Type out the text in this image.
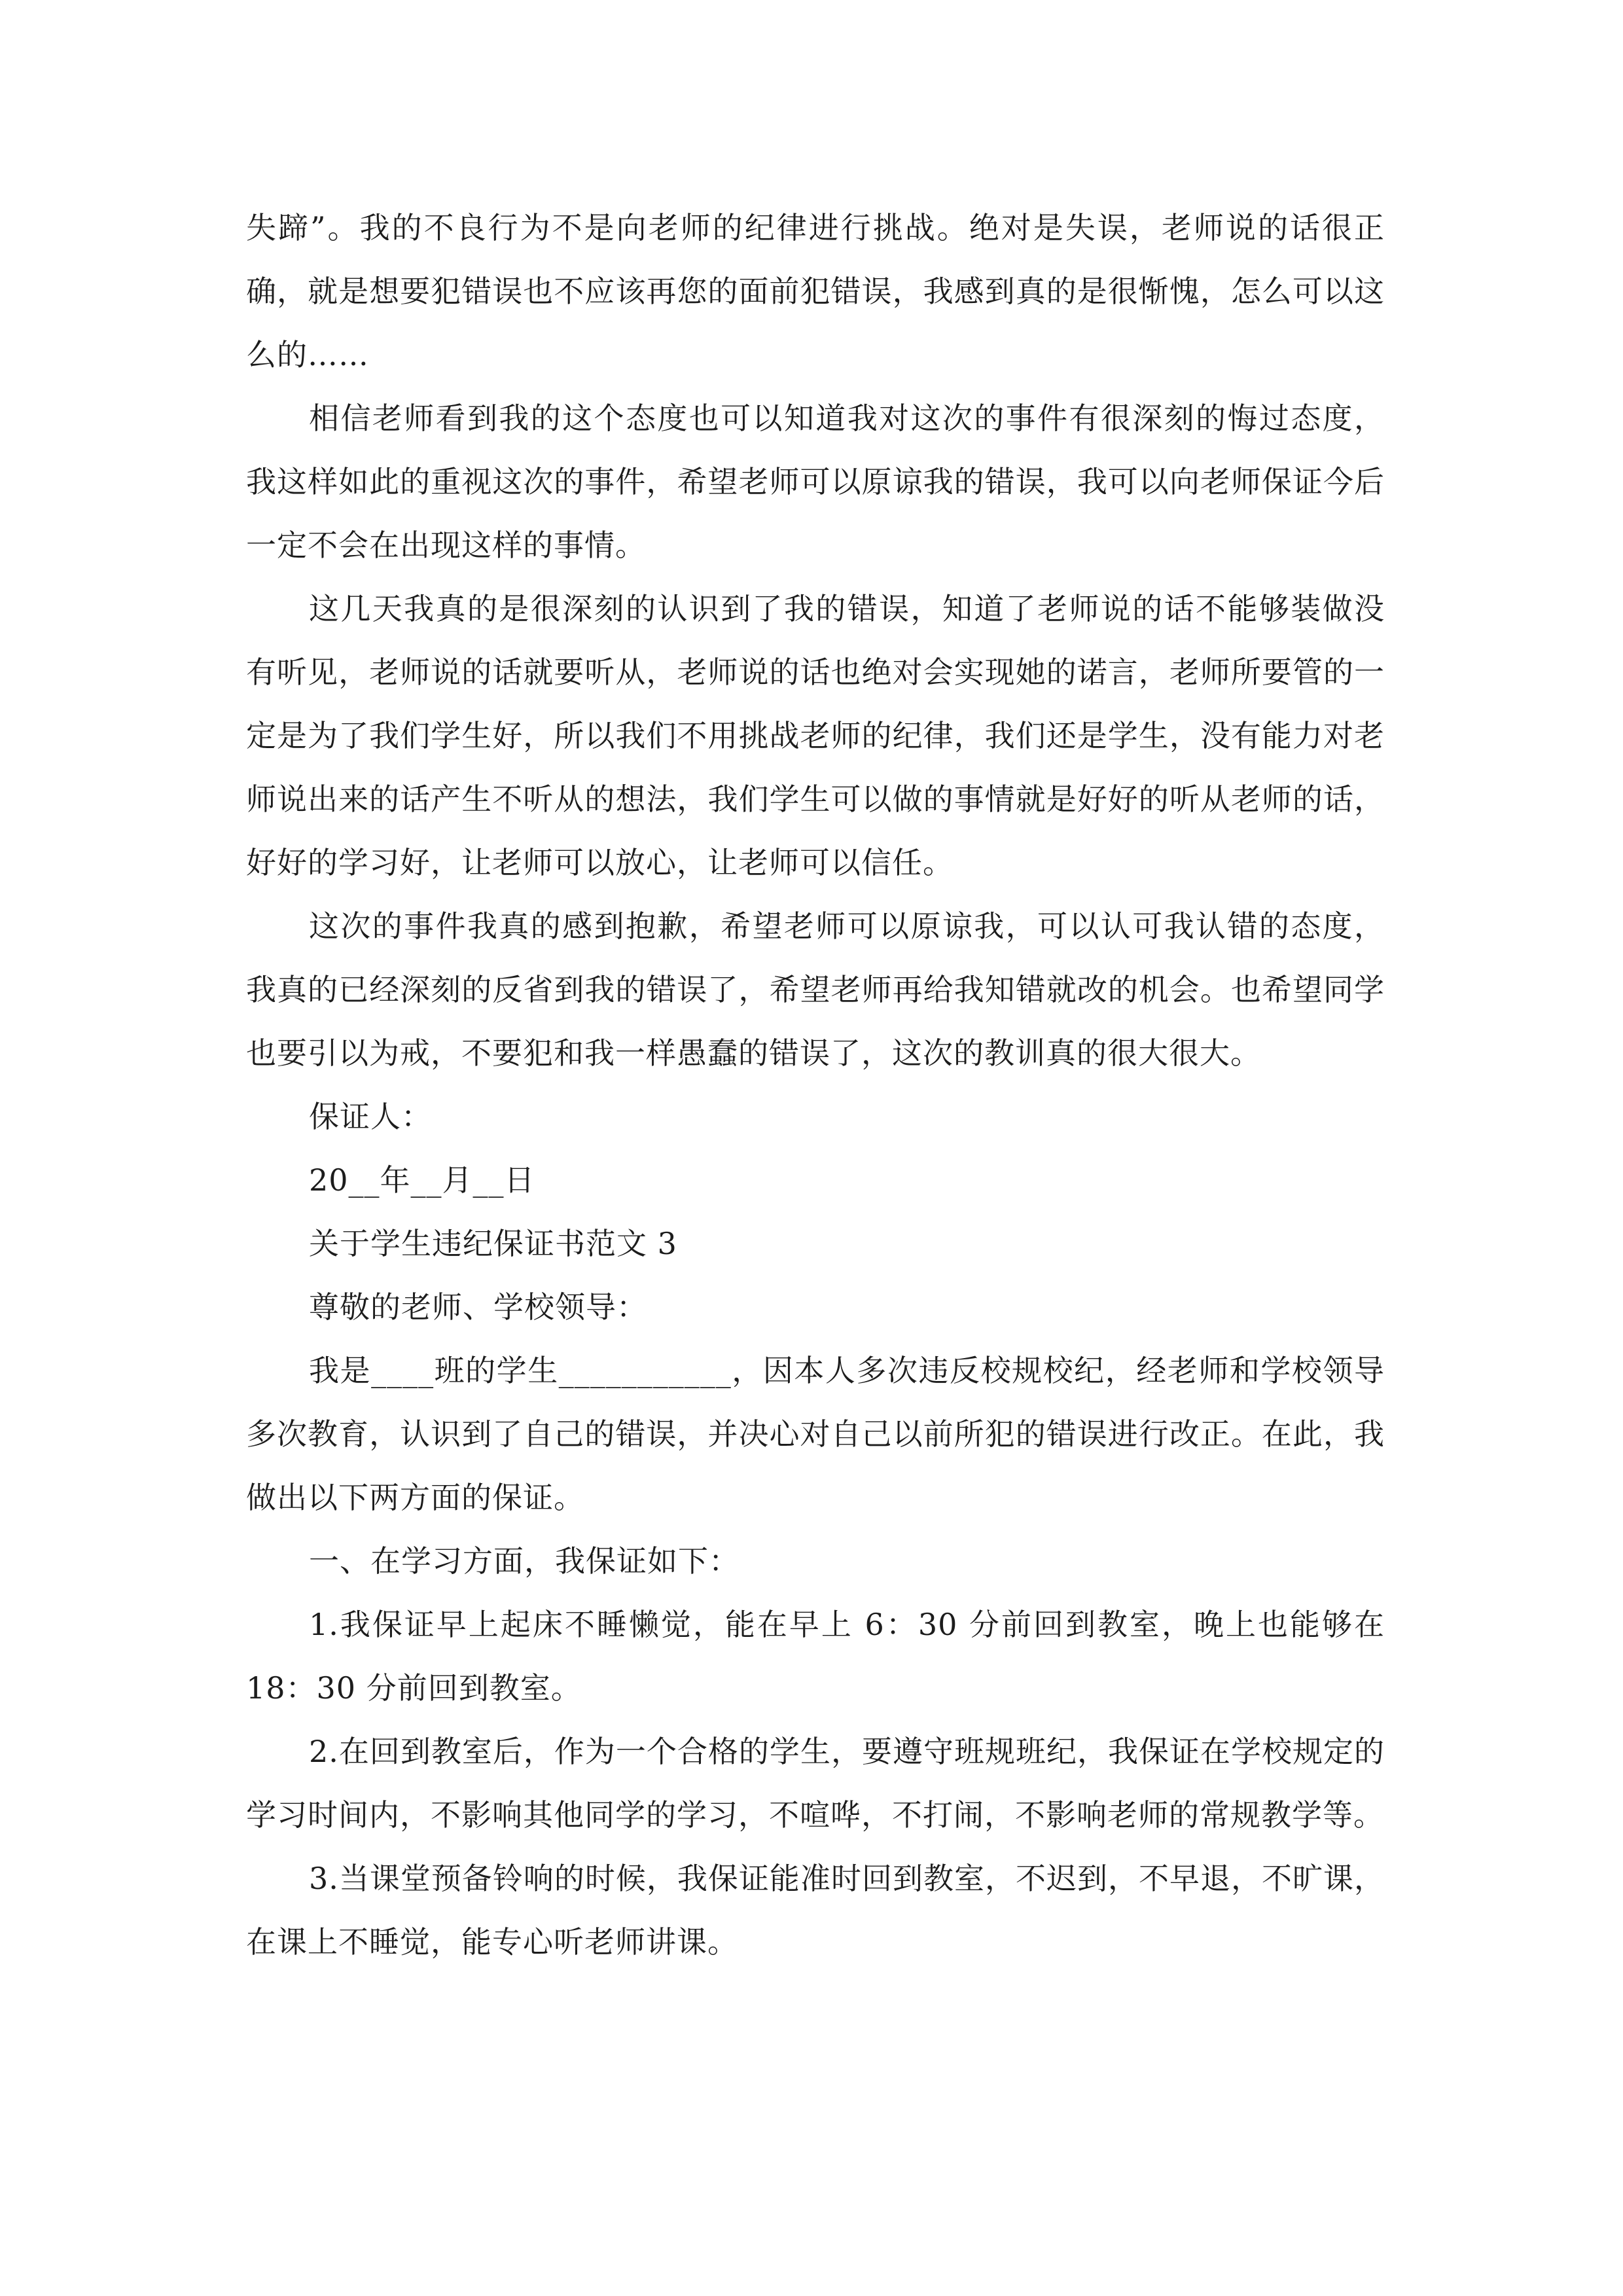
失蹄”。我的不良行为不是向老师的纪律进行挑战。绝对是失误，老师说的话很正确，就是想要犯错误也不应该再您的面前犯错误，我感到真的是很惭愧，怎么可以这么的……

相信老师看到我的这个态度也可以知道我对这次的事件有很深刻的悔过态度，我这样如此的重视这次的事件，希望老师可以原谅我的错误，我可以向老师保证今后一定不会在出现这样的事情。

这几天我真的是很深刻的认识到了我的错误，知道了老师说的话不能够装做没有听见，老师说的话就要听从，老师说的话也绝对会实现她的诺言，老师所要管的一定是为了我们学生好，所以我们不用挑战老师的纪律，我们还是学生，没有能力对老师说出来的话产生不听从的想法，我们学生可以做的事情就是好好的听从老师的话，好好的学习好，让老师可以放心，让老师可以信任。

这次的事件我真的感到抱歉，希望老师可以原谅我，可以认可我认错的态度，我真的已经深刻的反省到我的错误了，希望老师再给我知错就改的机会。也希望同学也要引以为戒，不要犯和我一样愚蠢的错误了，这次的教训真的很大很大。

保证人：

20__年__月__日

关于学生违纪保证书范文 3

尊敬的老师、学校领导：

我是____班的学生___________，因本人多次违反校规校纪，经老师和学校领导多次教育，认识到了自己的错误，并决心对自己以前所犯的错误进行改正。在此，我做出以下两方面的保证。

一、在学习方面，我保证如下：

1.我保证早上起床不睡懒觉，能在早上 6：30 分前回到教室，晚上也能够在 18：30 分前回到教室。

2.在回到教室后，作为一个合格的学生，要遵守班规班纪，我保证在学校规定的学习时间内，不影响其他同学的学习，不喧哗，不打闹，不影响老师的常规教学等。

3.当课堂预备铃响的时候，我保证能准时回到教室，不迟到，不早退，不旷课，在课上不睡觉，能专心听老师讲课。
